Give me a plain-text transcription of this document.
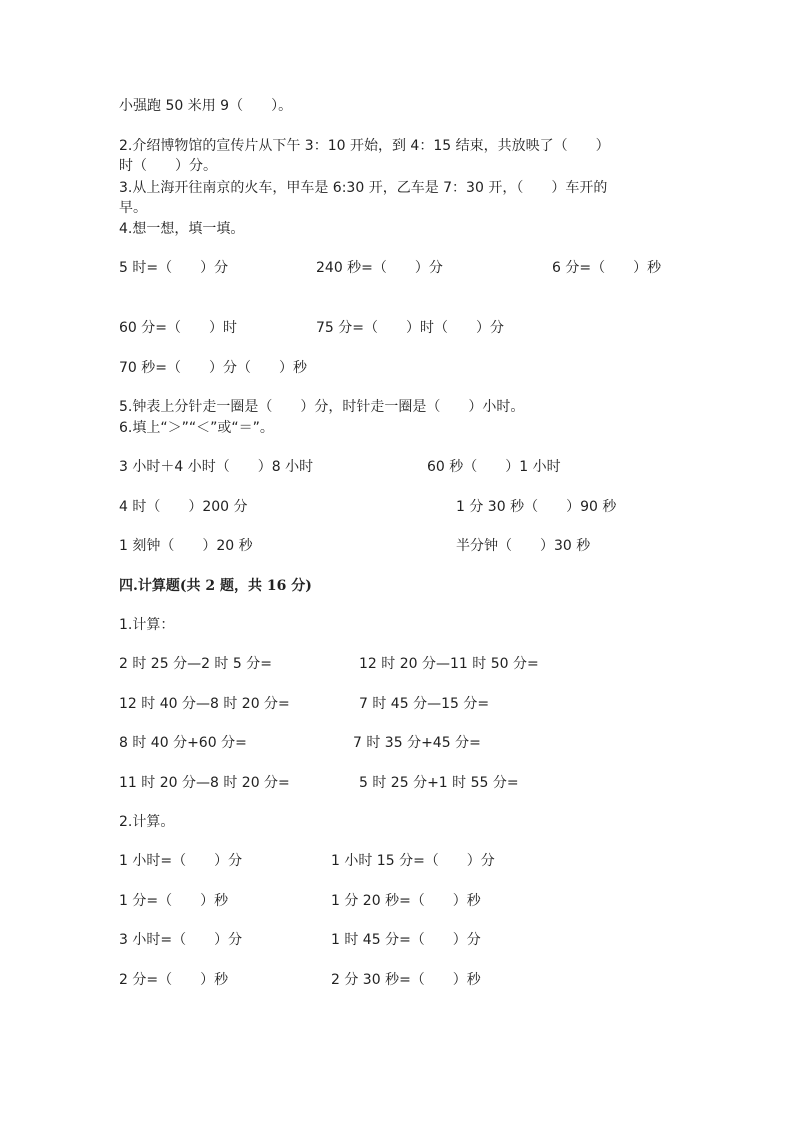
小强跑 50 米用 9（　　）。
2.介绍博物馆的宣传片从下午 3：10 开始，到 4：15 结束，共放映了（　　）
时（　　）分。
3.从上海开往南京的火车，甲车是 6:30 开，乙车是 7：30 开，（　　）车开的
早。
4.想一想，填一填。
5 时=（　　）分	240 秒=（　　）分	6 分=（　　）秒
60 分=（　　）时	75 分=（　　）时（　　）分
70 秒=（　　）分（　　）秒
5.钟表上分针走一圈是（　　）分，时针走一圈是（　　）小时。
6.填上“＞”“＜”或“＝”。
3 小时＋4 小时（　　）8 小时	60 秒（　　）1 小时
4 时（　　）200 分	1 分 30 秒（　　）90 秒
1 刻钟（　　）20 秒	半分钟（　　）30 秒
四.计算题(共 2 题，共 16 分)
1.计算：
2 时 25 分—2 时 5 分=	12 时 20 分—11 时 50 分=
12 时 40 分—8 时 20 分=	7 时 45 分—15 分=
8 时 40 分+60 分=	7 时 35 分+45 分=
11 时 20 分—8 时 20 分=	5 时 25 分+1 时 55 分=
2.计算。
1 小时=（　　）分	1 小时 15 分=（　　）分
1 分=（　　）秒	1 分 20 秒=（　　）秒
3 小时=（　　）分	1 时 45 分=（　　）分
2 分=（　　）秒	2 分 30 秒=（　　）秒
